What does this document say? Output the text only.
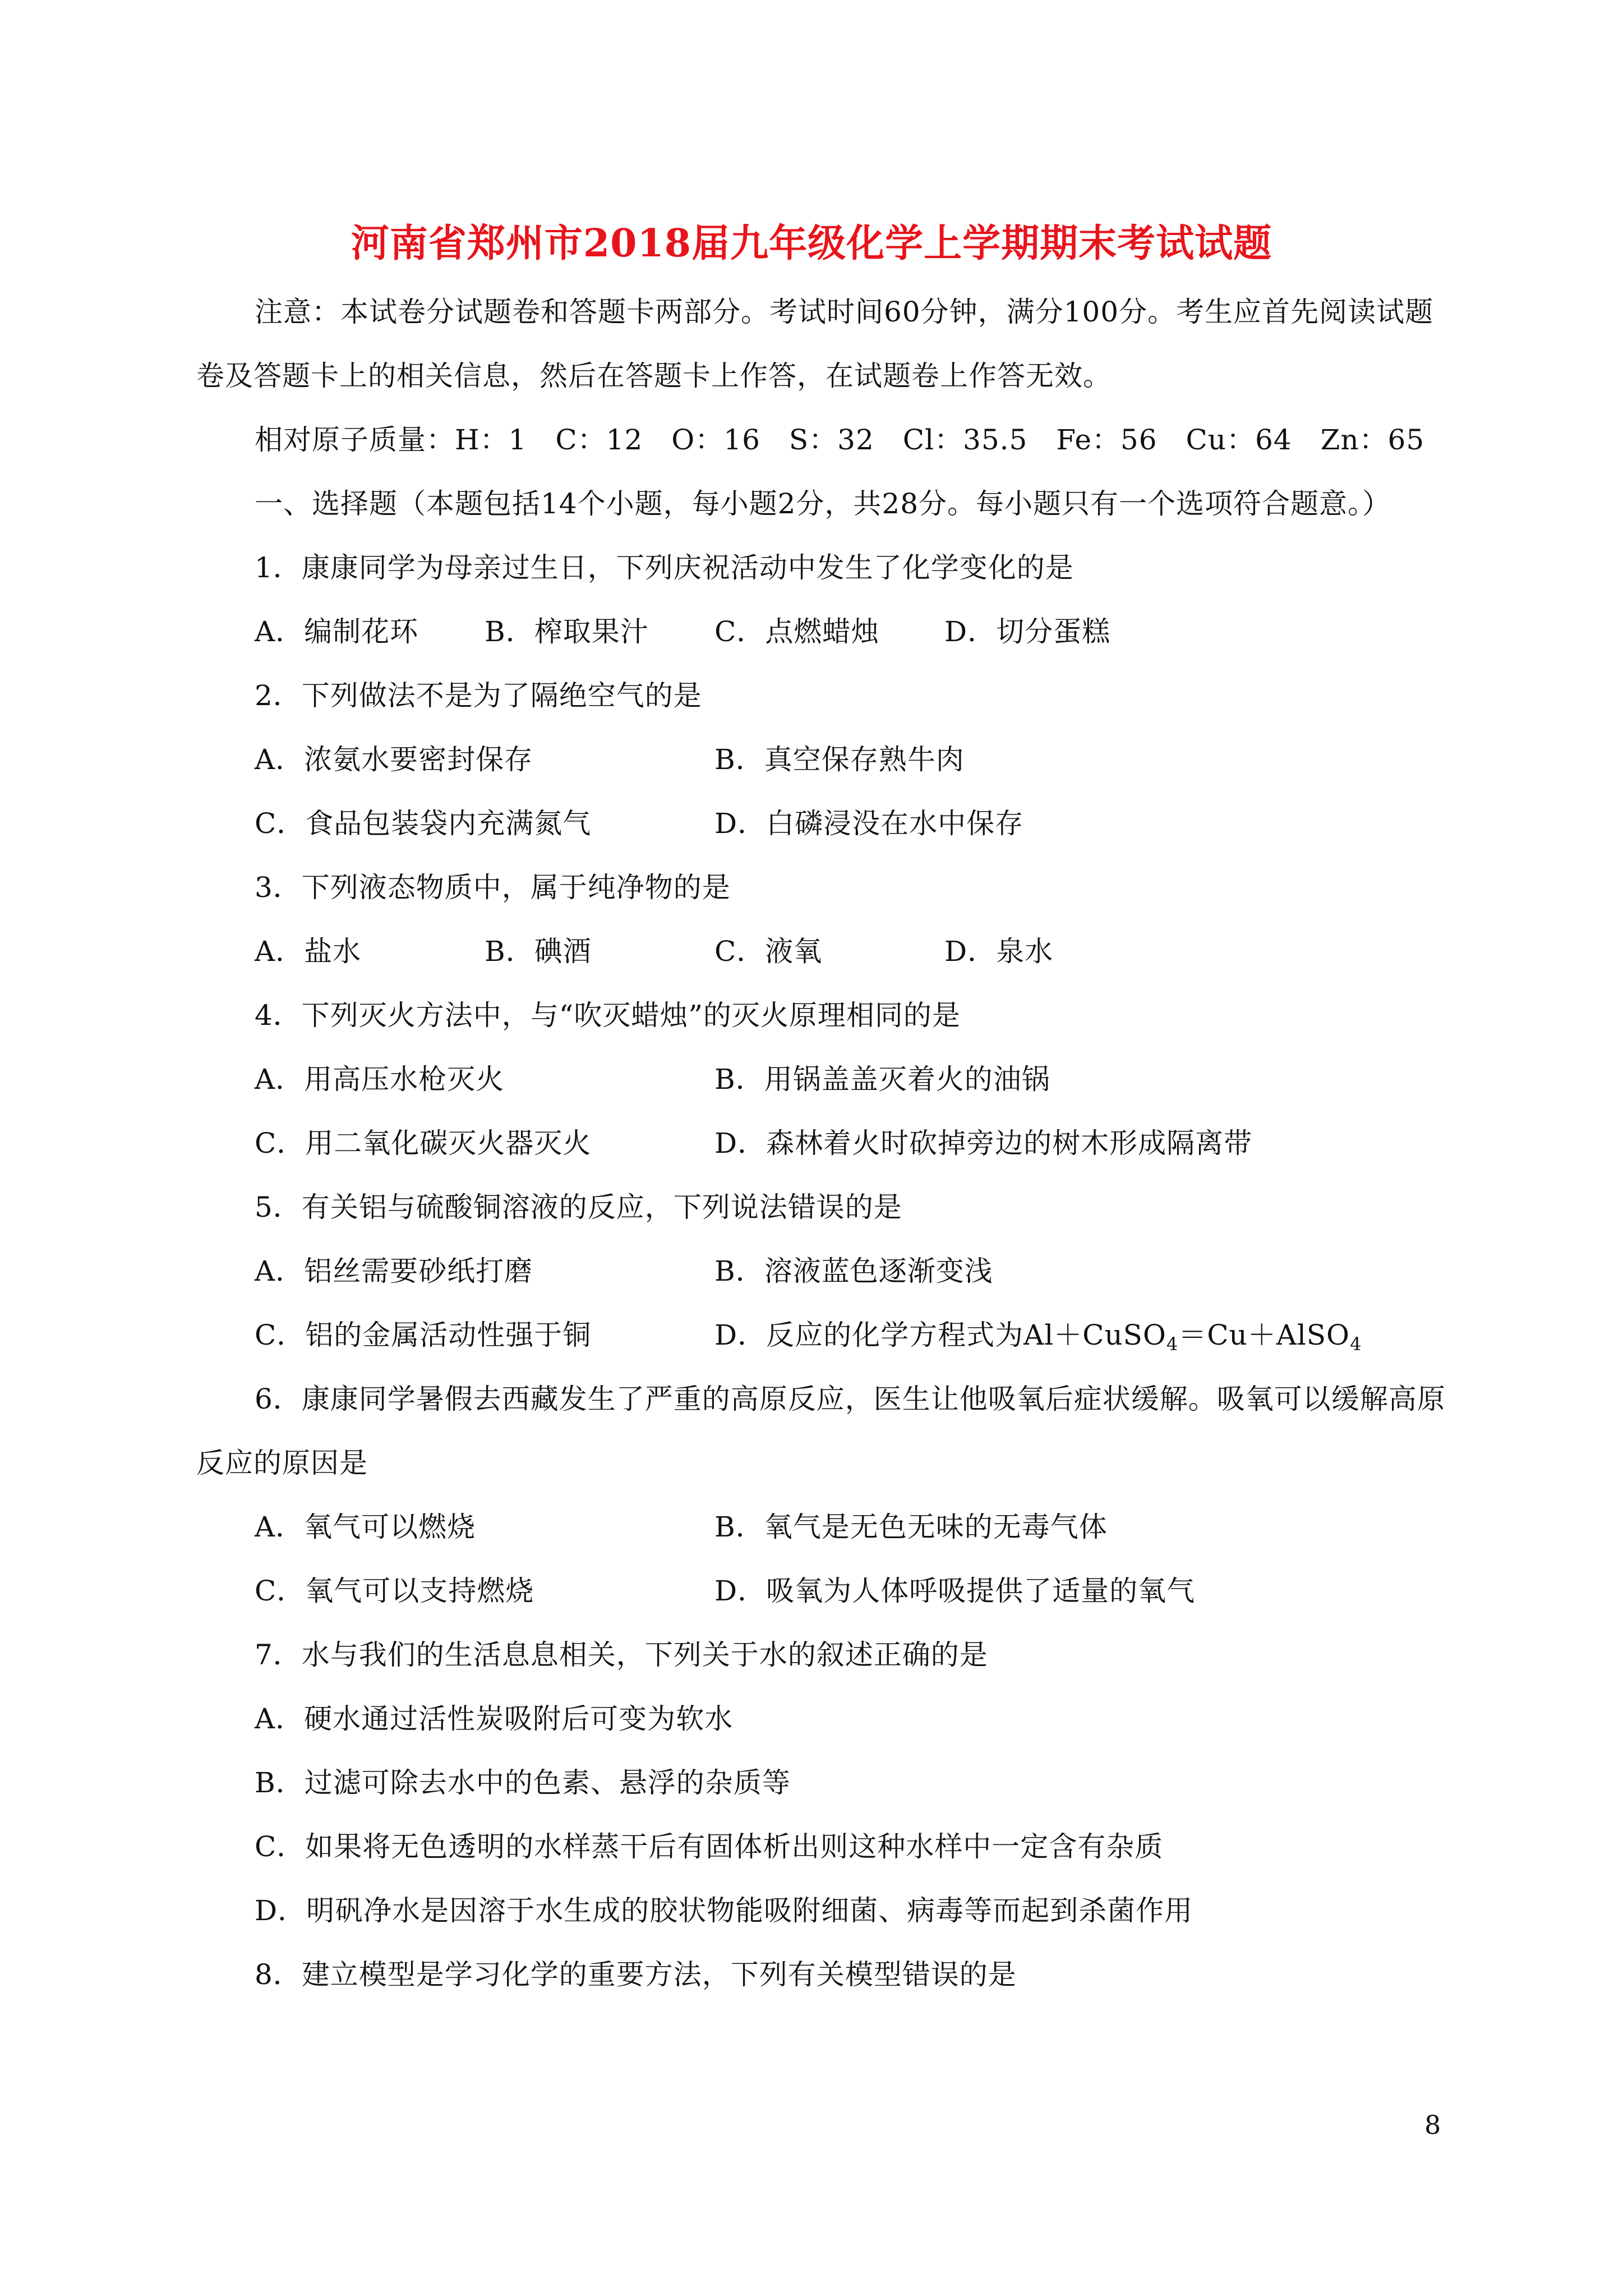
河南省郑州市2018届九年级化学上学期期末考试试题
注意：本试卷分试题卷和答题卡两部分。考试时间60分钟，满分100分。考生应首先阅读试题
卷及答题卡上的相关信息，然后在答题卡上作答，在试题卷上作答无效。
相对原子质量：H：1　C：12　O：16　S：32　Cl：35.5　Fe：56　Cu：64　Zn：65
一、选择题（本题包括14个小题，每小题2分，共28分。每小题只有一个选项符合题意。）
1．康康同学为母亲过生日，下列庆祝活动中发生了化学变化的是
A．编制花环 B．榨取果汁 C．点燃蜡烛 D．切分蛋糕
2．下列做法不是为了隔绝空气的是
A．浓氨水要密封保存	B．真空保存熟牛肉
C．食品包装袋内充满氮气	D．白磷浸没在水中保存
3．下列液态物质中，属于纯净物的是
A．盐水	B．碘酒	C．液氧	D．泉水
4．下列灭火方法中，与“吹灭蜡烛”的灭火原理相同的是
A．用高压水枪灭火	B．用锅盖盖灭着火的油锅
C．用二氧化碳灭火器灭火	D．森林着火时砍掉旁边的树木形成隔离带
5．有关铝与硫酸铜溶液的反应，下列说法错误的是
A．铝丝需要砂纸打磨	B．溶液蓝色逐渐变浅
C．铝的金属活动性强于铜	D．反应的化学方程式为Al＋CuSO$_4$＝Cu＋AlSO$_4$
6．康康同学暑假去西藏发生了严重的高原反应，医生让他吸氧后症状缓解。吸氧可以缓解高原
反应的原因是
A．氧气可以燃烧	B．氧气是无色无味的无毒气体
C．氧气可以支持燃烧	D．吸氧为人体呼吸提供了适量的氧气
7．水与我们的生活息息相关，下列关于水的叙述正确的是
A．硬水通过活性炭吸附后可变为软水
B．过滤可除去水中的色素、悬浮的杂质等
C．如果将无色透明的水样蒸干后有固体析出则这种水样中一定含有杂质
D．明矾净水是因溶于水生成的胶状物能吸附细菌、病毒等而起到杀菌作用
8．建立模型是学习化学的重要方法，下列有关模型错误的是
8
